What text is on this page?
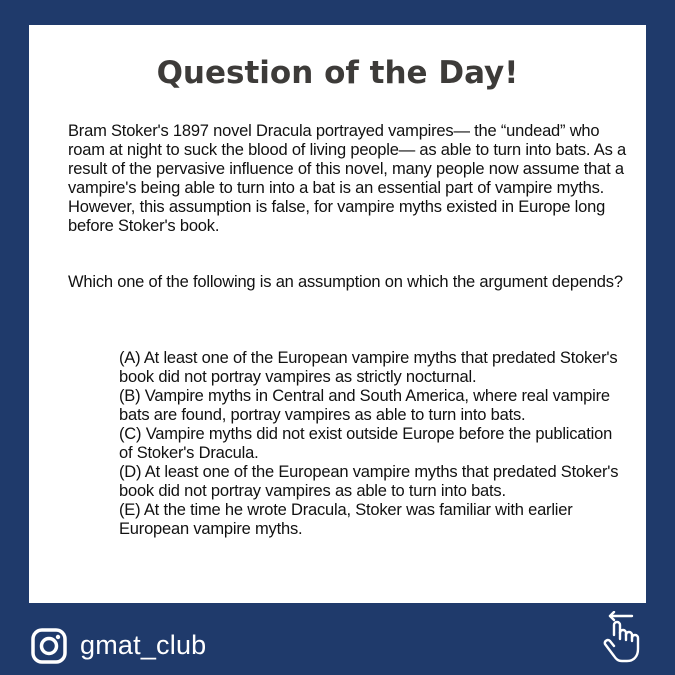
Question of the Day!

Bram Stoker's 1897 novel Dracula portrayed vampires— the “undead” who roam at night to suck the blood of living people— as able to turn into bats. As a result of the pervasive influence of this novel, many people now assume that a vampire's being able to turn into a bat is an essential part of vampire myths. However, this assumption is false, for vampire myths existed in Europe long before Stoker's book.

Which one of the following is an assumption on which the argument depends?

(A) At least one of the European vampire myths that predated Stoker's book did not portray vampires as strictly nocturnal.
(B) Vampire myths in Central and South America, where real vampire bats are found, portray vampires as able to turn into bats.
(C) Vampire myths did not exist outside Europe before the publication of Stoker's Dracula.
(D) At least one of the European vampire myths that predated Stoker's book did not portray vampires as able to turn into bats.
(E) At the time he wrote Dracula, Stoker was familiar with earlier European vampire myths.
gmat_club
